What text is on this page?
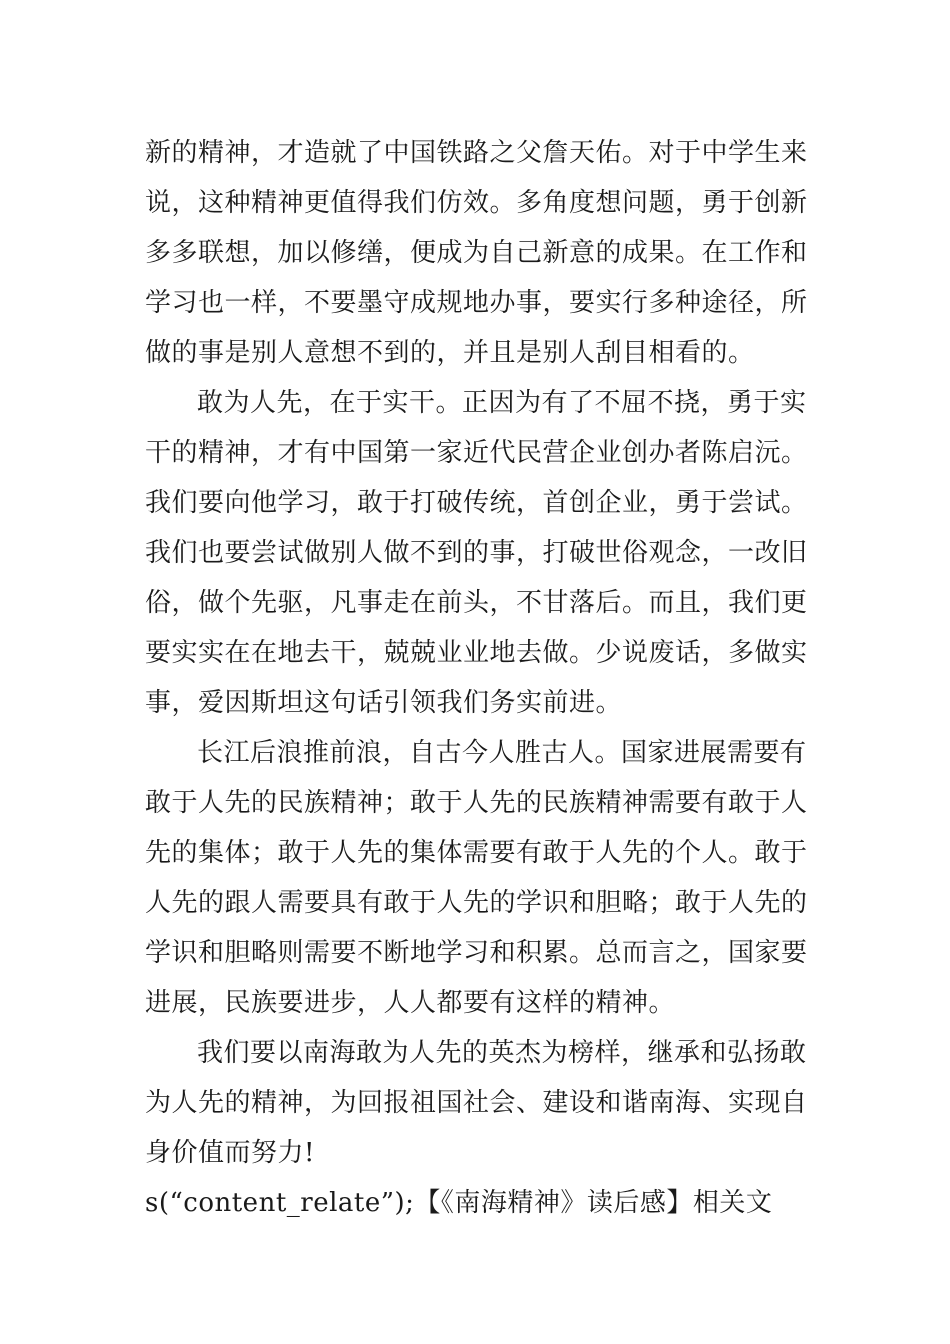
新的精神，才造就了中国铁路之父詹天佑。对于中学生来
说，这种精神更值得我们仿效。多角度想问题，勇于创新
多多联想，加以修缮，便成为自己新意的成果。在工作和
学习也一样，不要墨守成规地办事，要实行多种途径，所
做的事是别人意想不到的，并且是别人刮目相看的。
敢为人先，在于实干。正因为有了不屈不挠，勇于实
干的精神，才有中国第一家近代民营企业创办者陈启沅。
我们要向他学习，敢于打破传统，首创企业，勇于尝试。
我们也要尝试做别人做不到的事，打破世俗观念，一改旧
俗，做个先驱，凡事走在前头，不甘落后。而且，我们更
要实实在在地去干，兢兢业业地去做。少说废话，多做实
事，爱因斯坦这句话引领我们务实前进。
长江后浪推前浪，自古今人胜古人。国家进展需要有
敢于人先的民族精神；敢于人先的民族精神需要有敢于人
先的集体；敢于人先的集体需要有敢于人先的个人。敢于
人先的跟人需要具有敢于人先的学识和胆略；敢于人先的
学识和胆略则需要不断地学习和积累。总而言之，国家要
进展，民族要进步，人人都要有这样的精神。
我们要以南海敢为人先的英杰为榜样，继承和弘扬敢
为人先的精神，为回报祖国社会、建设和谐南海、实现自
身价值而努力!
s(“content_relate”);【《南海精神》读后感】相关文
